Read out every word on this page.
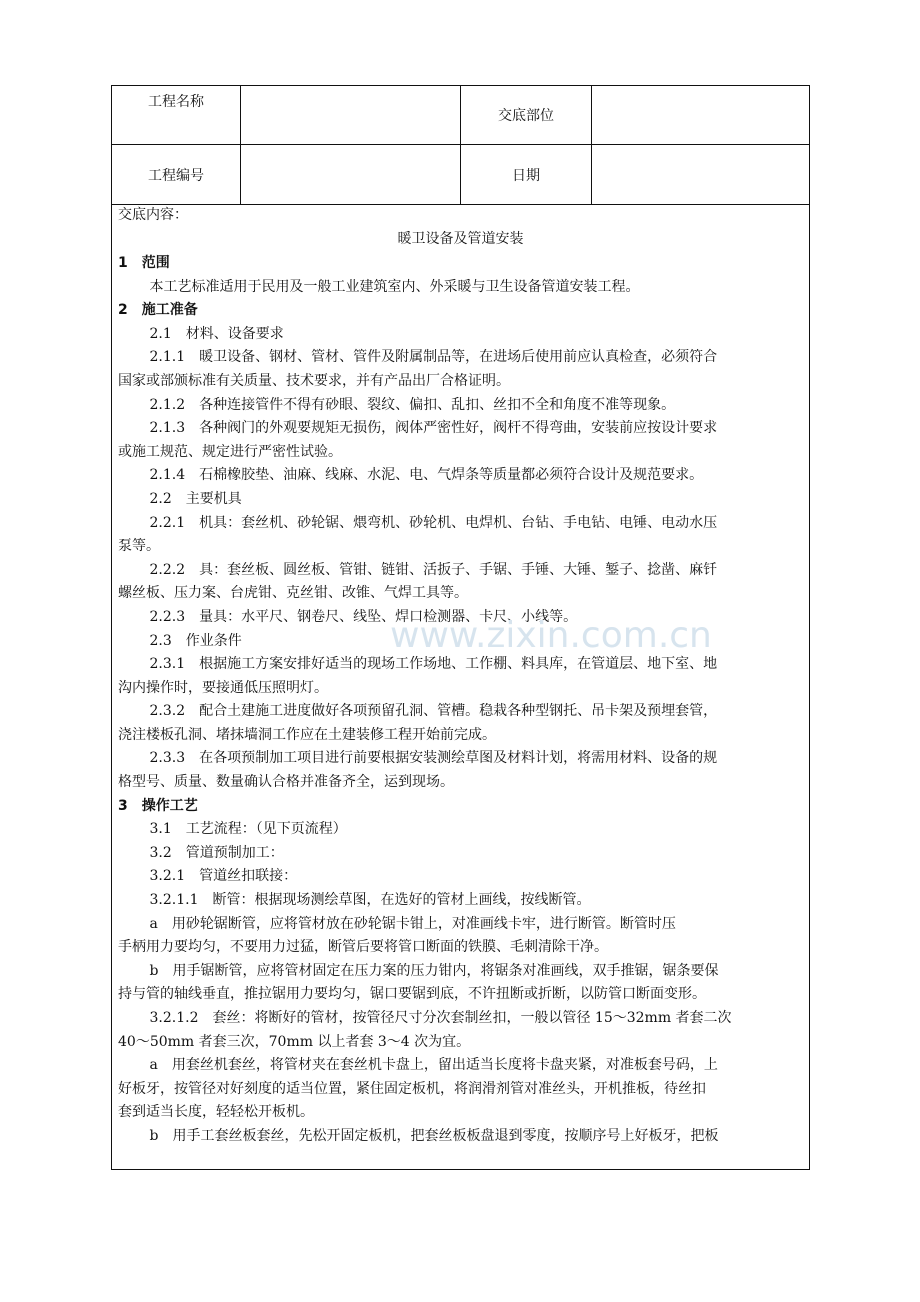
工程名称
交底部位
工程编号	日期
交底内容：
暖卫设备及管道安装
1　范围
本工艺标准适用于民用及一般工业建筑室内、外采暖与卫生设备管道安装工程。
2　施工准备
2.1　材料、设备要求
2.1.1　暖卫设备、钢材、管材、管件及附属制品等，在进场后使用前应认真检查，必须符合
国家或部颁标准有关质量、技术要求，并有产品出厂合格证明。
2.1.2　各种连接管件不得有砂眼、裂纹、偏扣、乱扣、丝扣不全和角度不准等现象。
2.1.3　各种阀门的外观要规矩无损伤，阀体严密性好，阀杆不得弯曲，安装前应按设计要求
或施工规范、规定进行严密性试验。
2.1.4　石棉橡胶垫、油麻、线麻、水泥、电、气焊条等质量都必须符合设计及规范要求。
2.2　主要机具
2.2.1　机具：套丝机、砂轮锯、煨弯机、砂轮机、电焊机、台钻、手电钻、电锤、电动水压
泵等。
2.2.2　具：套丝板、圆丝板、管钳、链钳、活扳子、手锯、手锤、大锤、錾子、捻凿、麻钎
螺丝板、压力案、台虎钳、克丝钳、改锥、气焊工具等。
2.2.3　量具：水平尺、钢卷尺、线坠、焊口检测器、卡尺、小线等。
2.3　作业条件
2.3.1　根据施工方案安排好适当的现场工作场地、工作棚、料具库，在管道层、地下室、地
沟内操作时，要接通低压照明灯。
2.3.2　配合土建施工进度做好各项预留孔洞、管槽。稳栽各种型钢托、吊卡架及预埋套管，
浇注楼板孔洞、堵抹墙洞工作应在土建装修工程开始前完成。
2.3.3　在各项预制加工项目进行前要根据安装测绘草图及材料计划，将需用材料、设备的规
格型号、质量、数量确认合格并准备齐全，运到现场。
3　操作工艺
3.1　工艺流程：（见下页流程）
3.2　管道预制加工：
3.2.1　管道丝扣联接：
3.2.1.1　断管：根据现场测绘草图，在选好的管材上画线，按线断管。
a　用砂轮锯断管，应将管材放在砂轮锯卡钳上，对准画线卡牢，进行断管。断管时压
手柄用力要均匀，不要用力过猛，断管后要将管口断面的铁膜、毛刺清除干净。
b　用手锯断管，应将管材固定在压力案的压力钳内，将锯条对准画线，双手推锯，锯条要保
持与管的轴线垂直，推拉锯用力要均匀，锯口要锯到底，不许扭断或折断，以防管口断面变形。
3.2.1.2　套丝：将断好的管材，按管径尺寸分次套制丝扣，一般以管径 15～32mm 者套二次
40～50mm 者套三次，70mm 以上者套 3～4 次为宜。
a　用套丝机套丝，将管材夹在套丝机卡盘上，留出适当长度将卡盘夹紧，对准板套号码，上
好板牙，按管径对好刻度的适当位置，紧住固定板机，将润滑剂管对准丝头，开机推板，待丝扣
套到适当长度，轻轻松开板机。
b　用手工套丝板套丝，先松开固定板机，把套丝板板盘退到零度，按顺序号上好板牙，把板
www.zixin.com.cn
